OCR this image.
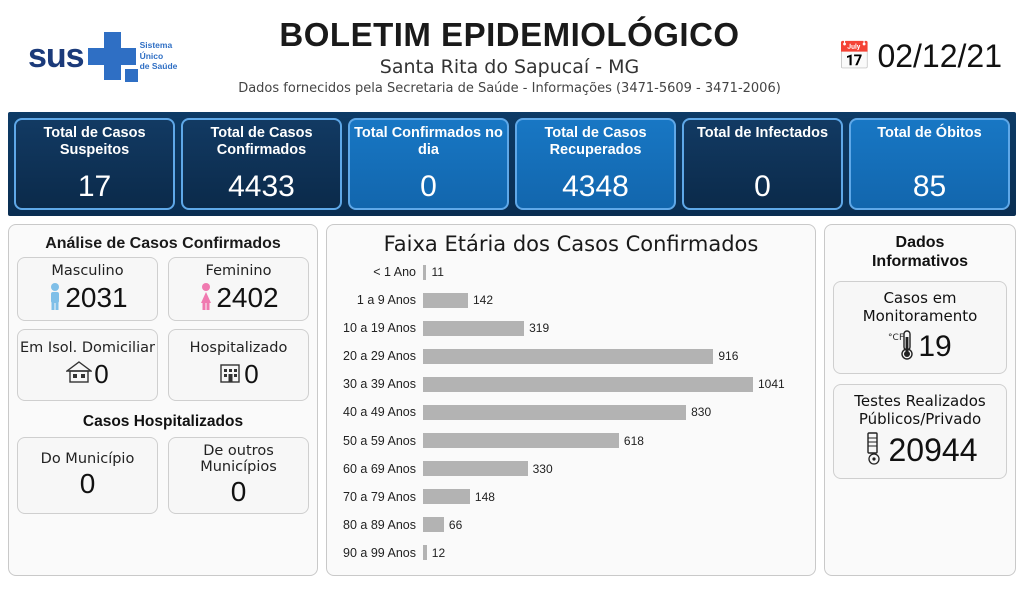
sus	Sistema
Único
de Saúde
BOLETIM EPIDEMIOLÓGICO
Santa Rita do Sapucaí - MG
Dados fornecidos pela Secretaria de Saúde - Informações (3471-5609 - 3471-2006)
📅 02/12/21
Total de Casos Suspeitos
17
Total de Casos Confirmados
4433
Total Confirmados no dia
0
Total de Casos Recuperados
4348
Total de Infectados
0
Total de Óbitos
85
Análise de Casos Confirmados
Masculino
2031
Feminino
2402
Em Isol. Domiciliar
0
Hospitalizado
0
Casos Hospitalizados
Do Município
0
De outros Municípios
0
Faixa Etária dos Casos Confirmados
< 1 Ano	11
1 a 9 Anos	142
10 a 19 Anos	319
20 a 29 Anos	916
30 a 39 Anos	1041
40 a 49 Anos	830
50 a 59 Anos	618
60 a 69 Anos	330
70 a 79 Anos	148
80 a 89 Anos	66
90 a 99 Anos	12
Dados
Informativos
Casos em
Monitoramento
°C F 19
Testes Realizados
Públicos/Privado
20944
